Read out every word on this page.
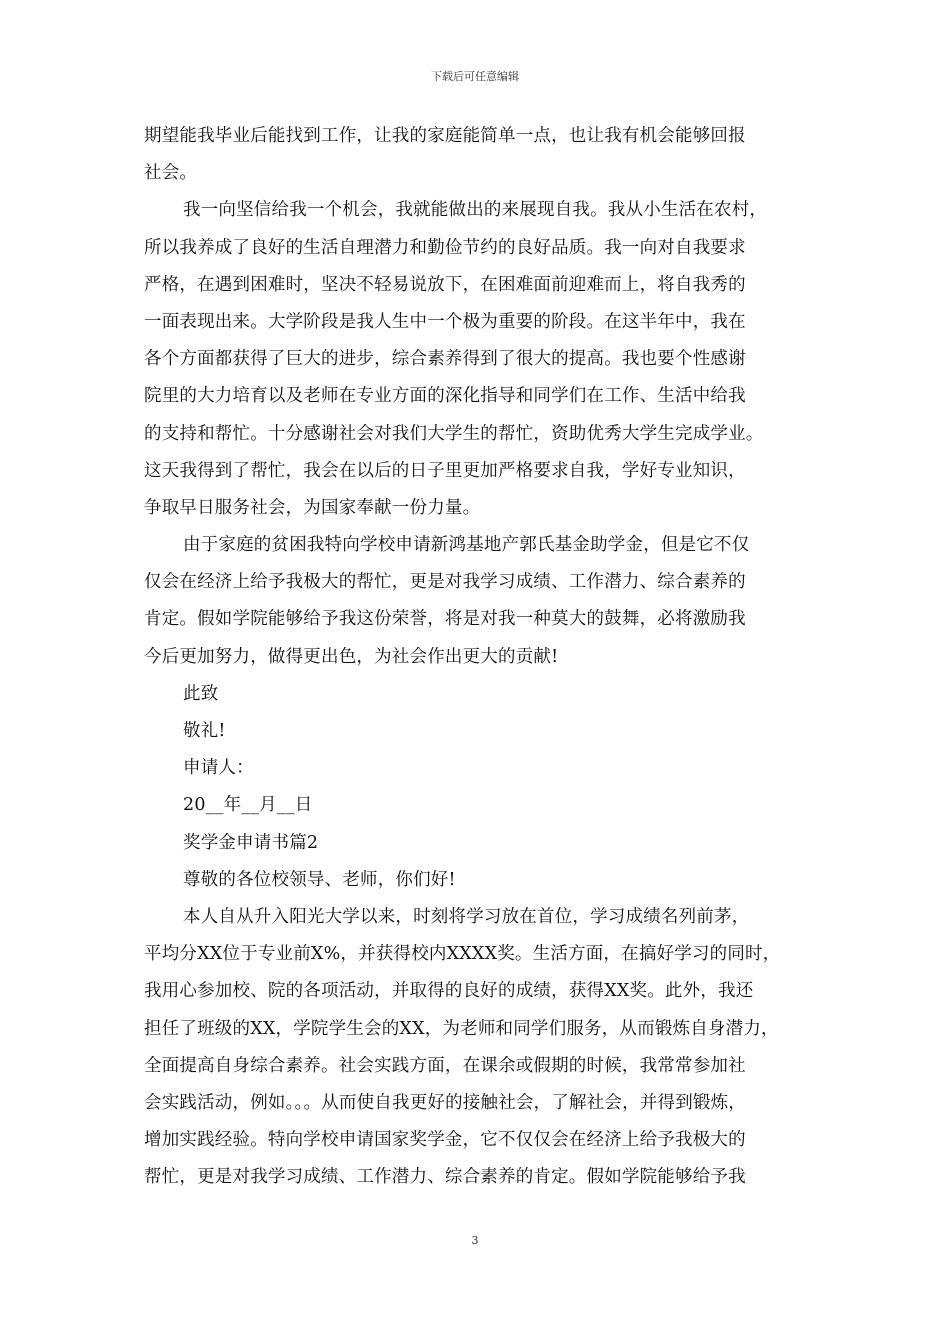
下载后可任意编辑
期望能我毕业后能找到工作，让我的家庭能简单一点，也让我有机会能够回报
社会。
我一向坚信给我一个机会，我就能做出的来展现自我。我从小生活在农村，
所以我养成了良好的生活自理潜力和勤俭节约的良好品质。我一向对自我要求
严格，在遇到困难时，坚决不轻易说放下，在困难面前迎难而上，将自我秀的
一面表现出来。大学阶段是我人生中一个极为重要的阶段。在这半年中，我在
各个方面都获得了巨大的进步，综合素养得到了很大的提高。我也要个性感谢
院里的大力培育以及老师在专业方面的深化指导和同学们在工作、生活中给我
的支持和帮忙。十分感谢社会对我们大学生的帮忙，资助优秀大学生完成学业。
这天我得到了帮忙，我会在以后的日子里更加严格要求自我，学好专业知识，
争取早日服务社会，为国家奉献一份力量。
由于家庭的贫困我特向学校申请新鸿基地产郭氏基金助学金，但是它不仅
仅会在经济上给予我极大的帮忙，更是对我学习成绩、工作潜力、综合素养的
肯定。假如学院能够给予我这份荣誉，将是对我一种莫大的鼓舞，必将激励我
今后更加努力，做得更出色，为社会作出更大的贡献!
此致
敬礼!
申请人：
20__年__月__日
奖学金申请书篇2
尊敬的各位校领导、老师，你们好!
本人自从升入阳光大学以来，时刻将学习放在首位，学习成绩名列前茅，
平均分XX位于专业前X%，并获得校内XXXX奖。生活方面，在搞好学习的同时，
我用心参加校、院的各项活动，并取得的良好的成绩，获得XX奖。此外，我还
担任了班级的XX，学院学生会的XX，为老师和同学们服务，从而锻炼自身潜力，
全面提高自身综合素养。社会实践方面，在课余或假期的时候，我常常参加社
会实践活动，例如。。。从而使自我更好的接触社会，了解社会，并得到锻炼，
增加实践经验。特向学校申请国家奖学金，它不仅仅会在经济上给予我极大的
帮忙，更是对我学习成绩、工作潜力、综合素养的肯定。假如学院能够给予我
3
